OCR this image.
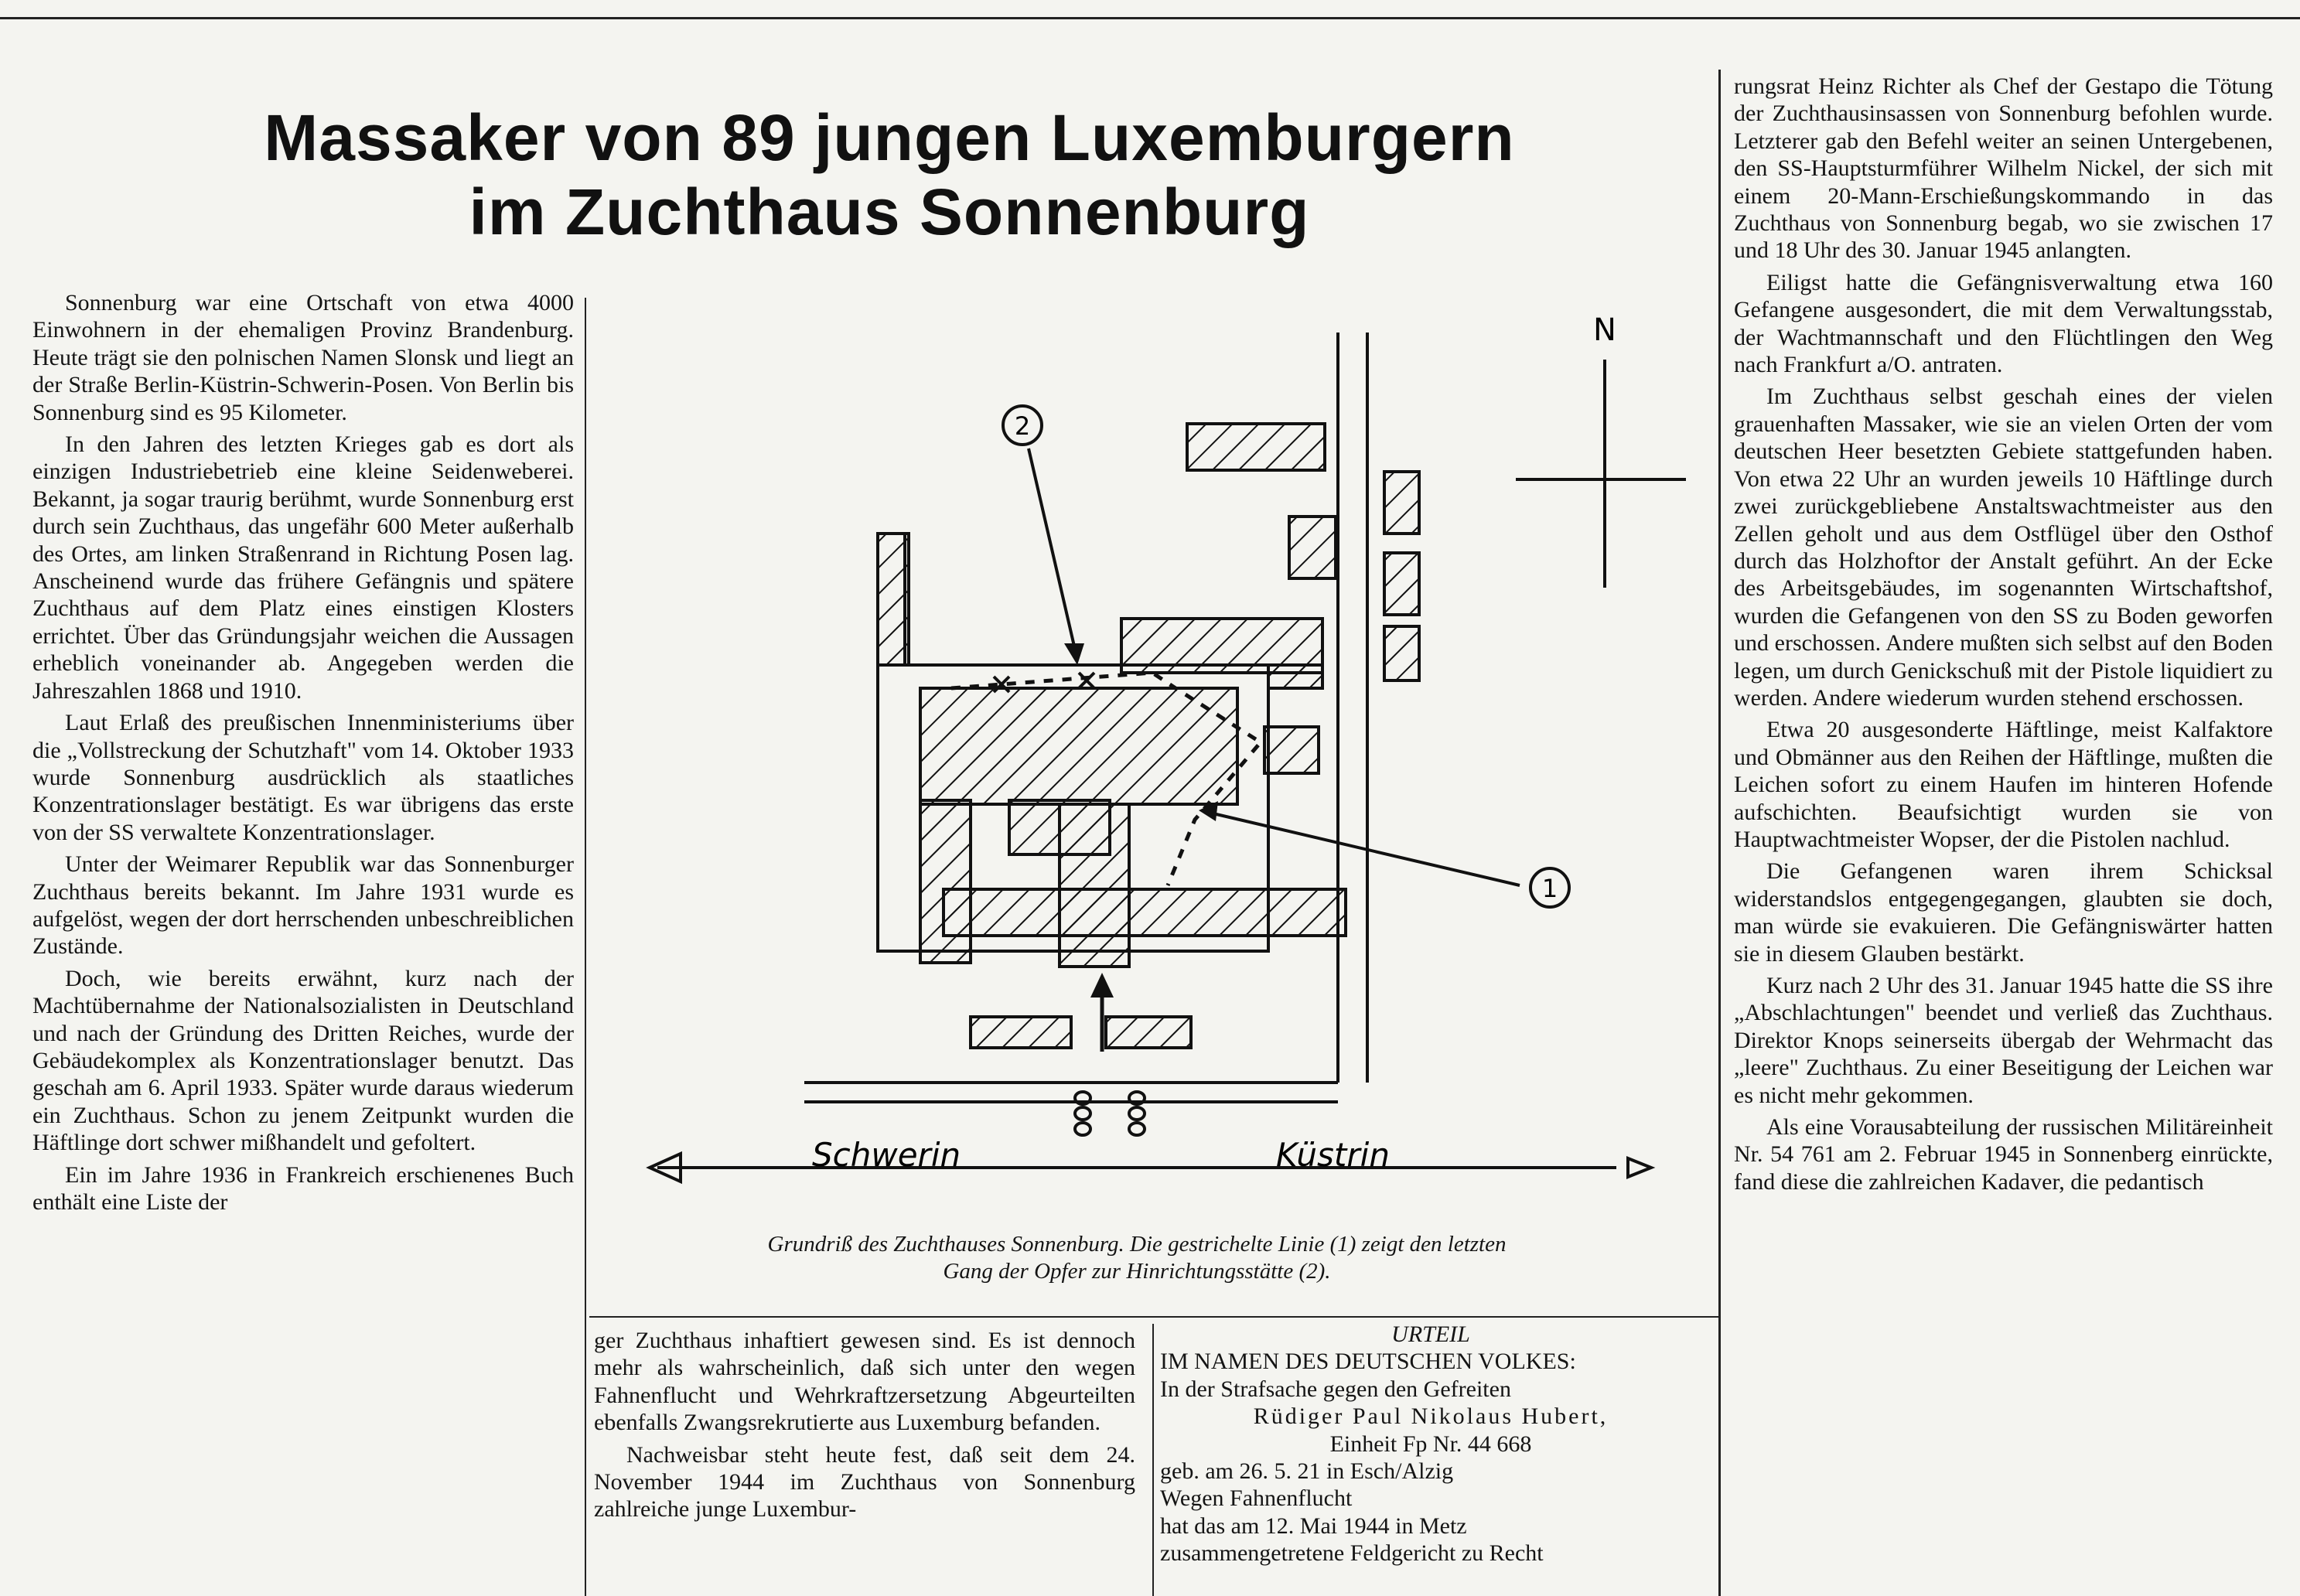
Massaker von 89 jungen Luxemburgern
im Zuchthaus Sonnenburg

Sonnenburg war eine Ortschaft von etwa 4000 Einwohnern in der ehemaligen Provinz Brandenburg. Heute trägt sie den polnischen Namen Slonsk und liegt an der Straße Berlin-Küstrin-Schwerin-Posen. Von Berlin bis Sonnenburg sind es 95 Kilometer.

In den Jahren des letzten Krieges gab es dort als einzigen Industriebetrieb eine kleine Seidenweberei. Bekannt, ja sogar traurig berühmt, wurde Sonnenburg erst durch sein Zuchthaus, das ungefähr 600 Meter außerhalb des Ortes, am linken Straßenrand in Richtung Posen lag. Anscheinend wurde das frühere Gefängnis und spätere Zuchthaus auf dem Platz eines einstigen Klosters errichtet. Über das Gründungsjahr weichen die Aussagen erheblich voneinander ab. Angegeben werden die Jahreszahlen 1868 und 1910.

Laut Erlaß des preußischen Innenministeriums über die „Vollstreckung der Schutzhaft" vom 14. Oktober 1933 wurde Sonnenburg ausdrücklich als staatliches Konzentrationslager bestätigt. Es war übrigens das erste von der SS verwaltete Konzentrationslager.

Unter der Weimarer Republik war das Sonnenburger Zuchthaus bereits bekannt. Im Jahre 1931 wurde es aufgelöst, wegen der dort herrschenden unbeschreiblichen Zustände.

Doch, wie bereits erwähnt, kurz nach der Machtübernahme der Nationalsozialisten in Deutschland und nach der Gründung des Dritten Reiches, wurde der Gebäudekomplex als Konzentrationslager benutzt. Das geschah am 6. April 1933. Später wurde daraus wiederum ein Zuchthaus. Schon zu jenem Zeitpunkt wurden die Häftlinge dort schwer mißhandelt und gefoltert.

Ein im Jahre 1936 in Frankreich erschienenes Buch enthält eine Liste der

2
1
N
Schwerin	Küstrin
Grundriß des Zuchthauses Sonnenburg. Die gestrichelte Linie (1) zeigt den letzten
Gang der Opfer zur Hinrichtungsstätte (2).

ger Zuchthaus inhaftiert gewesen sind. Es ist dennoch mehr als wahrscheinlich, daß sich unter den wegen Fahnenflucht und Wehrkraftzersetzung Abgeurteilten ebenfalls Zwangsrekrutierte aus Luxemburg befanden.

Nachweisbar steht heute fest, daß seit dem 24. November 1944 im Zuchthaus von Sonnenburg zahlreiche junge Luxembur-

URTEIL

IM NAMEN DES DEUTSCHEN VOLKES:

In der Strafsache gegen den Gefreiten

Rüdiger Paul Nikolaus Hubert,

Einheit Fp Nr. 44 668

geb. am 26. 5. 21 in Esch/Alzig

Wegen Fahnenflucht

hat das am 12. Mai 1944 in Metz

zusammengetretene Feldgericht zu Recht

rungsrat Heinz Richter als Chef der Gestapo die Tötung der Zuchthausinsassen von Sonnenburg befohlen wurde. Letzterer gab den Befehl weiter an seinen Untergebenen, den SS-Hauptsturmführer Wilhelm Nickel, der sich mit einem 20-Mann-Erschießungskommando in das Zuchthaus von Sonnenburg begab, wo sie zwischen 17 und 18 Uhr des 30. Januar 1945 anlangten.

Eiligst hatte die Gefängnisverwaltung etwa 160 Gefangene ausgesondert, die mit dem Verwaltungsstab, der Wachtmannschaft und den Flüchtlingen den Weg nach Frankfurt a/O. antraten.

Im Zuchthaus selbst geschah eines der vielen grauenhaften Massaker, wie sie an vielen Orten der vom deutschen Heer besetzten Gebiete stattgefunden haben. Von etwa 22 Uhr an wurden jeweils 10 Häftlinge durch zwei zurückgebliebene Anstaltswachtmeister aus den Zellen geholt und aus dem Ostflügel über den Osthof durch das Holzhoftor der Anstalt geführt. An der Ecke des Arbeitsgebäudes, im sogenannten Wirtschaftshof, wurden die Gefangenen von den SS zu Boden geworfen und erschossen. Andere mußten sich selbst auf den Boden legen, um durch Genickschuß mit der Pistole liquidiert zu werden. Andere wiederum wurden stehend erschossen.

Etwa 20 ausgesonderte Häftlinge, meist Kalfaktore und Obmänner aus den Reihen der Häftlinge, mußten die Leichen sofort zu einem Haufen im hinteren Hofende aufschichten. Beaufsichtigt wurden sie von Hauptwachtmeister Wopser, der die Pistolen nachlud.

Die Gefangenen waren ihrem Schicksal widerstandslos entgegengegangen, glaubten sie doch, man würde sie evakuieren. Die Gefängniswärter hatten sie in diesem Glauben bestärkt.

Kurz nach 2 Uhr des 31. Januar 1945 hatte die SS ihre „Abschlachtungen" beendet und verließ das Zuchthaus. Direktor Knops seinerseits übergab der Wehrmacht das „leere" Zuchthaus. Zu einer Beseitigung der Leichen war es nicht mehr gekommen.

Als eine Vorausabteilung der russischen Militäreinheit Nr. 54 761 am 2. Februar 1945 in Sonnenberg einrückte, fand diese die zahlreichen Kadaver, die pedantisch
